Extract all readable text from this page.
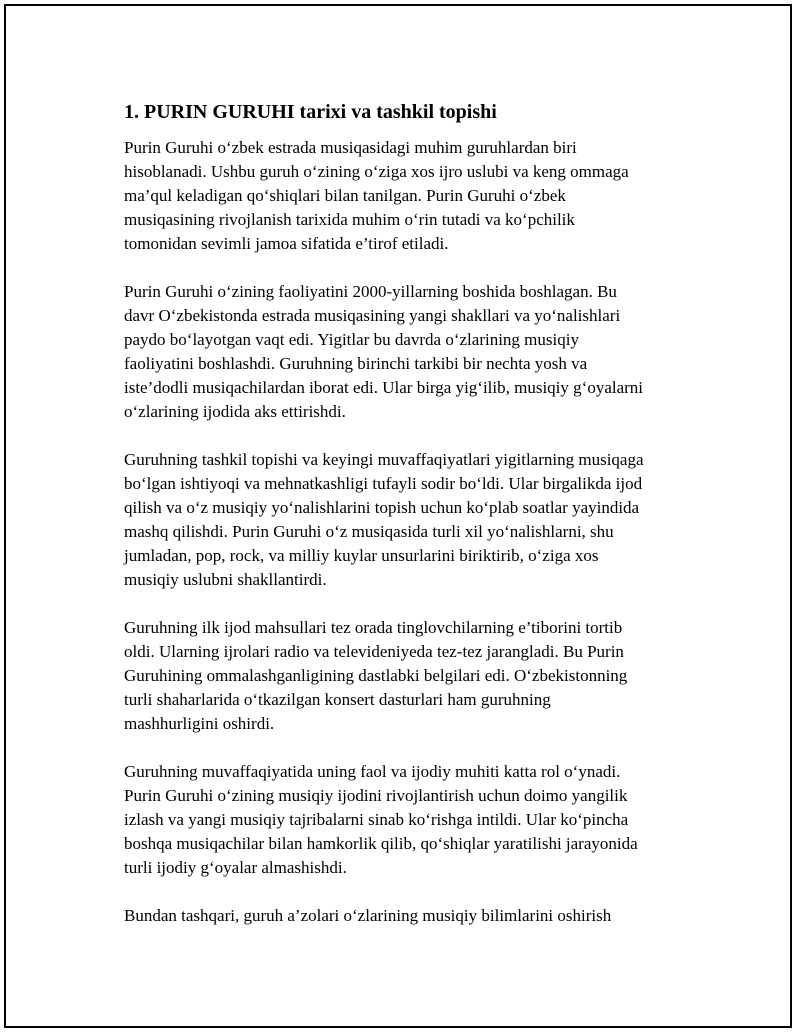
1. PURIN GURUHI tarixi va tashkil topishi

Purin Guruhi o‘zbek estrada musiqasidagi muhim guruhlardan biri
hisoblanadi. Ushbu guruh o‘zining o‘ziga xos ijro uslubi va keng ommaga
ma’qul keladigan qo‘shiqlari bilan tanilgan. Purin Guruhi o‘zbek
musiqasining rivojlanish tarixida muhim o‘rin tutadi va ko‘pchilik
tomonidan sevimli jamoa sifatida e’tirof etiladi.

Purin Guruhi o‘zining faoliyatini 2000-yillarning boshida boshlagan. Bu
davr O‘zbekistonda estrada musiqasining yangi shakllari va yo‘nalishlari
paydo bo‘layotgan vaqt edi. Yigitlar bu davrda o‘zlarining musiqiy
faoliyatini boshlashdi. Guruhning birinchi tarkibi bir nechta yosh va
iste’dodli musiqachilardan iborat edi. Ular birga yig‘ilib, musiqiy g‘oyalarni
o‘zlarining ijodida aks ettirishdi.

Guruhning tashkil topishi va keyingi muvaffaqiyatlari yigitlarning musiqaga
bo‘lgan ishtiyoqi va mehnatkashligi tufayli sodir bo‘ldi. Ular birgalikda ijod
qilish va o‘z musiqiy yo‘nalishlarini topish uchun ko‘plab soatlar yayindida
mashq qilishdi. Purin Guruhi o‘z musiqasida turli xil yo‘nalishlarni, shu
jumladan, pop, rock, va milliy kuylar unsurlarini biriktirib, o‘ziga xos
musiqiy uslubni shakllantirdi.

Guruhning ilk ijod mahsullari tez orada tinglovchilarning e’tiborini tortib
oldi. Ularning ijrolari radio va televideniyeda tez-tez jarangladi. Bu Purin
Guruhining ommalashganligining dastlabki belgilari edi. O‘zbekistonning
turli shaharlarida o‘tkazilgan konsert dasturlari ham guruhning
mashhurligini oshirdi.

Guruhning muvaffaqiyatida uning faol va ijodiy muhiti katta rol o‘ynadi.
Purin Guruhi o‘zining musiqiy ijodini rivojlantirish uchun doimo yangilik
izlash va yangi musiqiy tajribalarni sinab ko‘rishga intildi. Ular ko‘pincha
boshqa musiqachilar bilan hamkorlik qilib, qo‘shiqlar yaratilishi jarayonida
turli ijodiy g‘oyalar almashishdi.

Bundan tashqari, guruh a’zolari o‘zlarining musiqiy bilimlarini oshirish
